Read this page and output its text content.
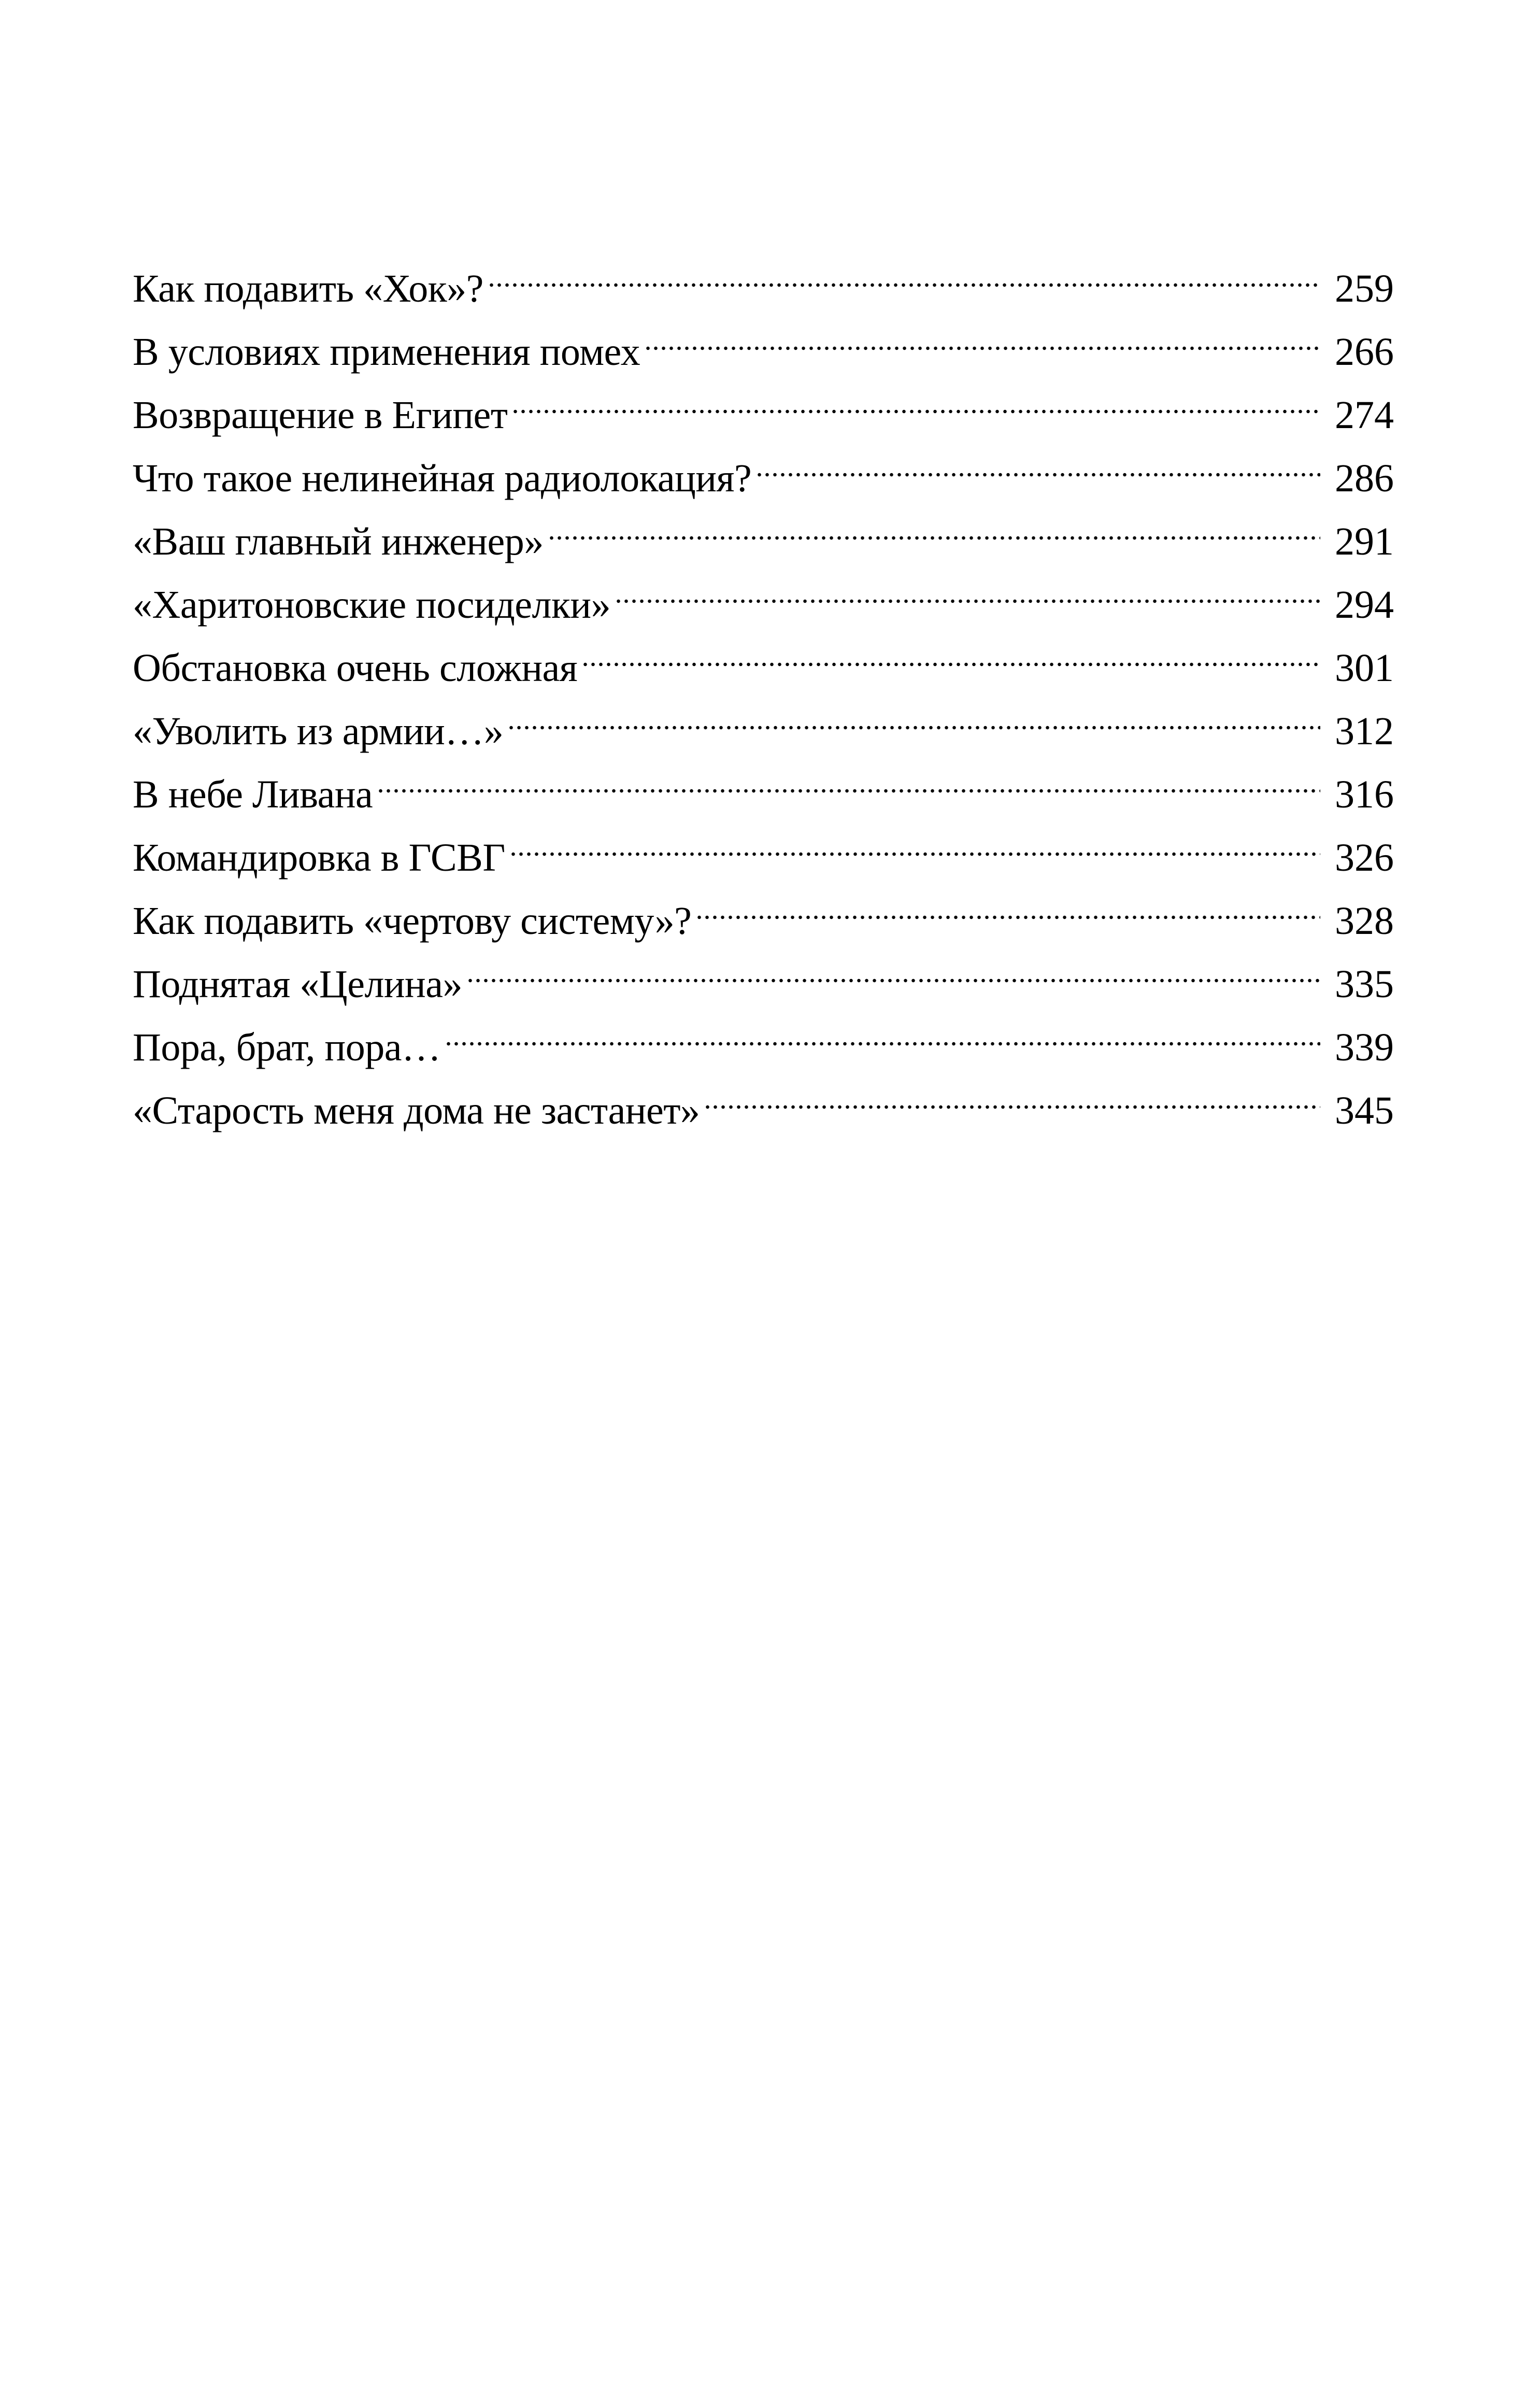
Как подавить «Хок»?	259
В условиях применения помех	266
Возвращение в Египет	274
Что такое нелинейная радиолокация?	286
«Ваш главный инженер»	291
«Харитоновские посиделки»	294
Обстановка очень сложная	301
«Уволить из армии…»	312
В небе Ливана	316
Командировка в ГСВГ	326
Как подавить «чертову систему»?	328
Поднятая «Целина»	335
Пора, брат, пора…	339
«Старость меня дома не застанет»	345
